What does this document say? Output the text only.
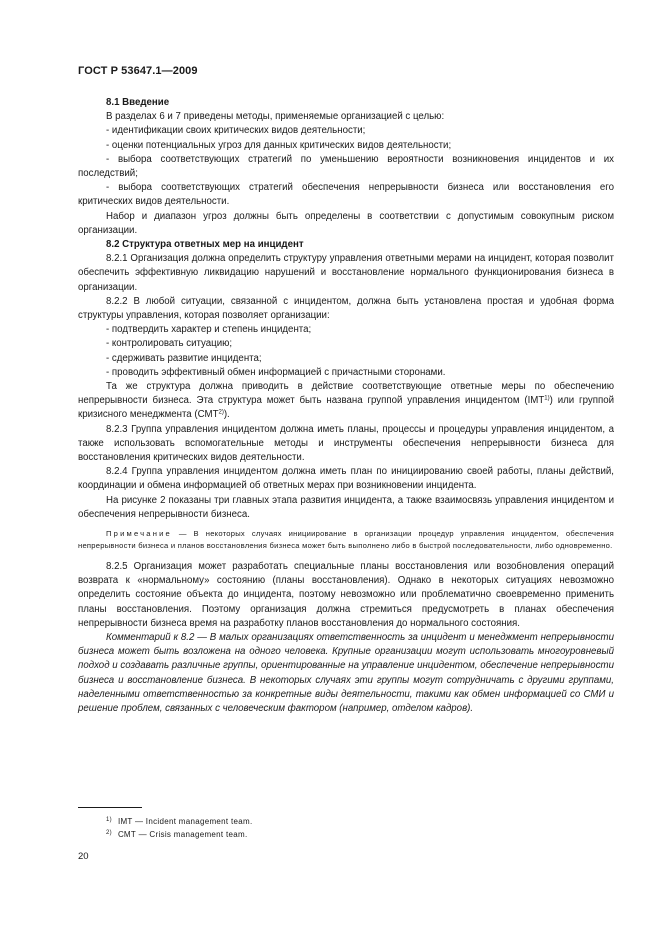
ГОСТ Р 53647.1—2009

8.1 Введение

В разделах 6 и 7 приведены методы, применяемые организацией с целью:

- идентификации своих критических видов деятельности;

- оценки потенциальных угроз для данных критических видов деятельности;

- выбора соответствующих стратегий по уменьшению вероятности возникновения инцидентов и их последствий;

- выбора соответствующих стратегий обеспечения непрерывности бизнеса или восстановления его критических видов деятельности.

Набор и диапазон угроз должны быть определены в соответствии с допустимым совокупным риском организации.

8.2 Структура ответных мер на инцидент

8.2.1 Организация должна определить структуру управления ответными мерами на инцидент, которая позволит обеспечить эффективную ликвидацию нарушений и восстановление нормального функционирования бизнеса в организации.

8.2.2 В любой ситуации, связанной с инцидентом, должна быть установлена простая и удобная форма структуры управления, которая позволяет организации:

- подтвердить характер и степень инцидента;

- контролировать ситуацию;

- сдерживать развитие инцидента;

- проводить эффективный обмен информацией с причастными сторонами.

Та же структура должна приводить в действие соответствующие ответные меры по обеспечению непрерывности бизнеса. Эта структура может быть названа группой управления инцидентом (IMT$^{1)}$) или группой кризисного менеджмента (СМТ$^{2)}$).

8.2.3 Группа управления инцидентом должна иметь планы, процессы и процедуры управления инцидентом, а также использовать вспомогательные методы и инструменты обеспечения непрерывности бизнеса для восстановления критических видов деятельности.

8.2.4 Группа управления инцидентом должна иметь план по инициированию своей работы, планы действий, координации и обмена информацией об ответных мерах при возникновении инцидента.

На рисунке 2 показаны три главных этапа развития инцидента, а также взаимосвязь управления инцидентом и обеспечения непрерывности бизнеса.

Примечание — В некоторых случаях инициирование в организации процедур управления инцидентом, обеспечения непрерывности бизнеса и планов восстановления бизнеса может быть выполнено либо в быстрой последовательности, либо одновременно.

8.2.5 Организация может разработать специальные планы восстановления или возобновления операций возврата к «нормальному» состоянию (планы восстановления). Однако в некоторых ситуациях невозможно определить состояние объекта до инцидента, поэтому невозможно или проблематично своевременно применить планы восстановления. Поэтому организация должна стремиться предусмотреть в планах обеспечения непрерывности бизнеса время на разработку планов восстановления до нормального состояния.

Комментарий к 8.2 — В малых организациях ответственность за инцидент и менеджмент непрерывности бизнеса может быть возложена на одного человека. Крупные организации могут использовать многоуровневый подход и создавать различные группы, ориентированные на управление инцидентом, обеспечение непрерывности бизнеса и восстановление бизнеса. В некоторых случаях эти группы могут сотрудничать с другими группами, наделенными ответственностью за конкретные виды деятельности, такими как обмен информацией со СМИ и решение проблем, связанных с человеческим фактором (например, отделом кадров).

$^{1)}$ IMT — Incident management team.
$^{2)}$ СМТ — Crisis management team.
20
